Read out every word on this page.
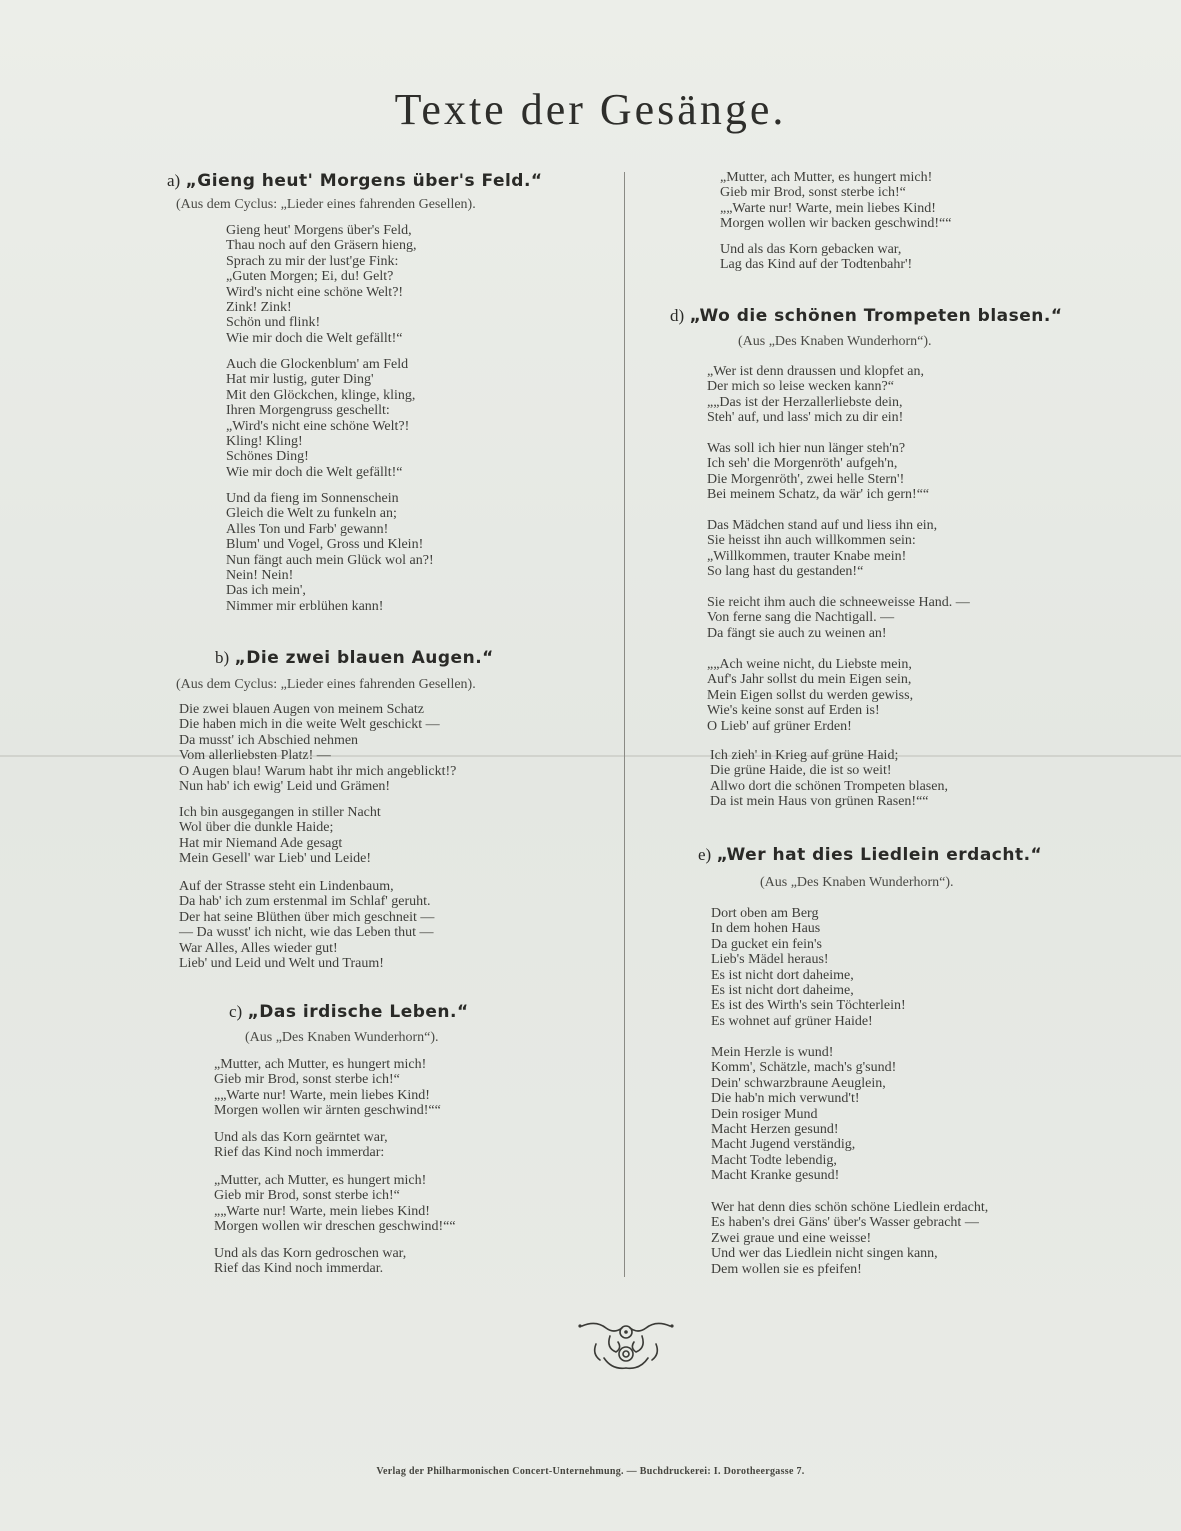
Texte der Gesänge.
a) „Gieng heut' Morgens über's Feld.“
(Aus dem Cyclus: „Lieder eines fahrenden Gesellen).
Gieng heut' Morgens über's Feld,
Thau noch auf den Gräsern hieng,
Sprach zu mir der lust'ge Fink:
„Guten Morgen; Ei, du! Gelt?
Wird's nicht eine schöne Welt?!
Zink! Zink!
Schön und flink!
Wie mir doch die Welt gefällt!“
Auch die Glockenblum' am Feld
Hat mir lustig, guter Ding'
Mit den Glöckchen, klinge, kling,
Ihren Morgengruss geschellt:
„Wird's nicht eine schöne Welt?!
Kling! Kling!
Schönes Ding!
Wie mir doch die Welt gefällt!“
Und da fieng im Sonnenschein
Gleich die Welt zu funkeln an;
Alles Ton und Farb' gewann!
Blum' und Vogel, Gross und Klein!
Nun fängt auch mein Glück wol an?!
Nein! Nein!
Das ich mein',
Nimmer mir erblühen kann!
b) „Die zwei blauen Augen.“
(Aus dem Cyclus: „Lieder eines fahrenden Gesellen).
Die zwei blauen Augen von meinem Schatz
Die haben mich in die weite Welt geschickt —
Da musst' ich Abschied nehmen
Vom allerliebsten Platz! —
O Augen blau! Warum habt ihr mich angeblickt!?
Nun hab' ich ewig' Leid und Grämen!
Ich bin ausgegangen in stiller Nacht
Wol über die dunkle Haide;
Hat mir Niemand Ade gesagt
Mein Gesell' war Lieb' und Leide!
Auf der Strasse steht ein Lindenbaum,
Da hab' ich zum erstenmal im Schlaf' geruht.
Der hat seine Blüthen über mich geschneit —
— Da wusst' ich nicht, wie das Leben thut —
War Alles, Alles wieder gut!
Lieb' und Leid und Welt und Traum!
c) „Das irdische Leben.“
(Aus „Des Knaben Wunderhorn“).
„Mutter, ach Mutter, es hungert mich!
Gieb mir Brod, sonst sterbe ich!“
„„Warte nur! Warte, mein liebes Kind!
Morgen wollen wir ärnten geschwind!““
Und als das Korn geärntet war,
Rief das Kind noch immerdar:
„Mutter, ach Mutter, es hungert mich!
Gieb mir Brod, sonst sterbe ich!“
„„Warte nur! Warte, mein liebes Kind!
Morgen wollen wir dreschen geschwind!““
Und als das Korn gedroschen war,
Rief das Kind noch immerdar.
„Mutter, ach Mutter, es hungert mich!
Gieb mir Brod, sonst sterbe ich!“
„„Warte nur! Warte, mein liebes Kind!
Morgen wollen wir backen geschwind!““
Und als das Korn gebacken war,
Lag das Kind auf der Todtenbahr'!
d) „Wo die schönen Trompeten blasen.“
(Aus „Des Knaben Wunderhorn“).
„Wer ist denn draussen und klopfet an,
Der mich so leise wecken kann?“
„„Das ist der Herzallerliebste dein,
Steh' auf, und lass' mich zu dir ein!
Was soll ich hier nun länger steh'n?
Ich seh' die Morgenröth' aufgeh'n,
Die Morgenröth', zwei helle Stern'!
Bei meinem Schatz, da wär' ich gern!““
Das Mädchen stand auf und liess ihn ein,
Sie heisst ihn auch willkommen sein:
„Willkommen, trauter Knabe mein!
So lang hast du gestanden!“
Sie reicht ihm auch die schneeweisse Hand. —
Von ferne sang die Nachtigall. —
Da fängt sie auch zu weinen an!
„„Ach weine nicht, du Liebste mein,
Auf's Jahr sollst du mein Eigen sein,
Mein Eigen sollst du werden gewiss,
Wie's keine sonst auf Erden is!
O Lieb' auf grüner Erden!
Ich zieh' in Krieg auf grüne Haid;
Die grüne Haide, die ist so weit!
Allwo dort die schönen Trompeten blasen,
Da ist mein Haus von grünen Rasen!““
e) „Wer hat dies Liedlein erdacht.“
(Aus „Des Knaben Wunderhorn“).
Dort oben am Berg
In dem hohen Haus
Da gucket ein fein's
Lieb's Mädel heraus!
Es ist nicht dort daheime,
Es ist nicht dort daheime,
Es ist des Wirth's sein Töchterlein!
Es wohnet auf grüner Haide!
Mein Herzle is wund!
Komm', Schätzle, mach's g'sund!
Dein' schwarzbraune Aeuglein,
Die hab'n mich verwund't!
Dein rosiger Mund
Macht Herzen gesund!
Macht Jugend verständig,
Macht Todte lebendig,
Macht Kranke gesund!
Wer hat denn dies schön schöne Liedlein erdacht,
Es haben's drei Gäns' über's Wasser gebracht —
Zwei graue und eine weisse!
Und wer das Liedlein nicht singen kann,
Dem wollen sie es pfeifen!
Verlag der Philharmonischen Concert-Unternehmung. — Buchdruckerei: I. Dorotheergasse 7.
